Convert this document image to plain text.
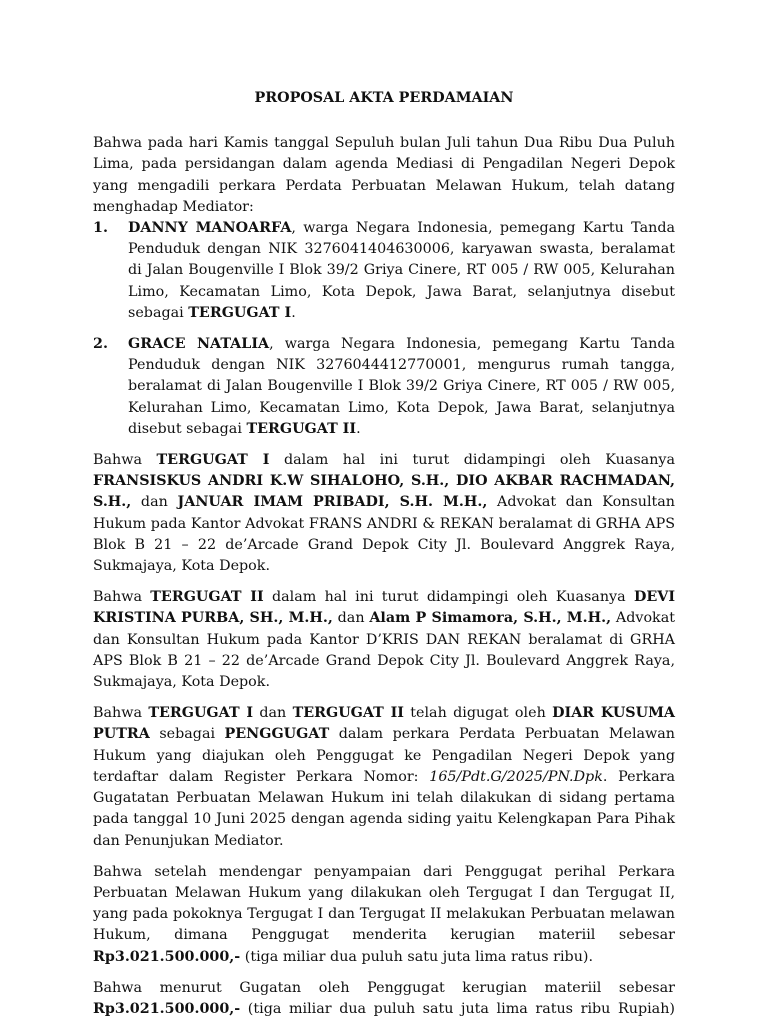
PROPOSAL AKTA PERDAMAIAN

Bahwa pada hari Kamis tanggal Sepuluh bulan Juli tahun Dua Ribu Dua Puluh Lima, pada persidangan dalam agenda Mediasi di Pengadilan Negeri Depok yang mengadili perkara Perdata Perbuatan Melawan Hukum, telah datang menghadap Mediator:

1. DANNY MANOARFA, warga Negara Indonesia, pemegang Kartu Tanda Penduduk dengan NIK 3276041404630006, karyawan swasta, beralamat di Jalan Bougenville I Blok 39/2 Griya Cinere, RT 005 / RW 005, Kelurahan Limo, Kecamatan Limo, Kota Depok, Jawa Barat, selanjutnya disebut sebagai TERGUGAT I.
2. GRACE NATALIA, warga Negara Indonesia, pemegang Kartu Tanda Penduduk dengan NIK 3276044412770001, mengurus rumah tangga, beralamat di Jalan Bougenville I Blok 39/2 Griya Cinere, RT 005 / RW 005, Kelurahan Limo, Kecamatan Limo, Kota Depok, Jawa Barat, selanjutnya disebut sebagai TERGUGAT II.

Bahwa TERGUGAT I dalam hal ini turut didampingi oleh Kuasanya FRANSISKUS ANDRI K.W SIHALOHO, S.H., DIO AKBAR RACHMADAN, S.H., dan JANUAR IMAM PRIBADI, S.H. M.H., Advokat dan Konsultan Hukum pada Kantor Advokat FRANS ANDRI & REKAN beralamat di GRHA APS Blok B 21 – 22 de’Arcade Grand Depok City Jl. Boulevard Anggrek Raya, Sukmajaya, Kota Depok.

Bahwa TERGUGAT II dalam hal ini turut didampingi oleh Kuasanya DEVI KRISTINA PURBA, SH., M.H., dan Alam P Simamora, S.H., M.H., Advokat dan Konsultan Hukum pada Kantor D’KRIS DAN REKAN beralamat di GRHA APS Blok B 21 – 22 de’Arcade Grand Depok City Jl. Boulevard Anggrek Raya, Sukmajaya, Kota Depok.

Bahwa TERGUGAT I dan TERGUGAT II telah digugat oleh DIAR KUSUMA PUTRA sebagai PENGGUGAT dalam perkara Perdata Perbuatan Melawan Hukum yang diajukan oleh Penggugat ke Pengadilan Negeri Depok yang terdaftar dalam Register Perkara Nomor: 165/Pdt.G/2025/PN.Dpk. Perkara Gugatatan Perbuatan Melawan Hukum ini telah dilakukan di sidang pertama pada tanggal 10 Juni 2025 dengan agenda siding yaitu Kelengkapan Para Pihak dan Penunjukan Mediator.

Bahwa setelah mendengar penyampaian dari Penggugat perihal Perkara Perbuatan Melawan Hukum yang dilakukan oleh Tergugat I dan Tergugat II, yang pada pokoknya Tergugat I dan Tergugat II melakukan Perbuatan melawan Hukum, dimana Penggugat menderita kerugian materiil sebesar Rp3.021.500.000,- (tiga miliar dua puluh satu juta lima ratus ribu).

Bahwa menurut Gugatan oleh Penggugat kerugian materiil sebesar Rp3.021.500.000,- (tiga miliar dua puluh satu juta lima ratus ribu Rupiah)
